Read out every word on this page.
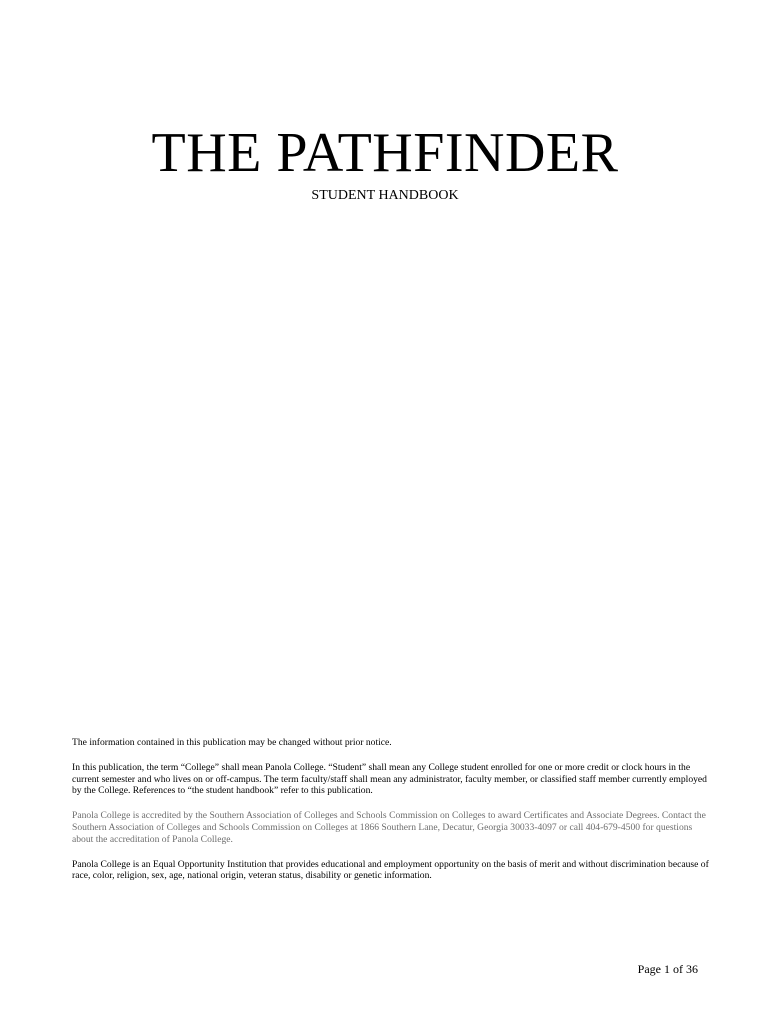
THE PATHFINDER
STUDENT HANDBOOK

The information contained in this publication may be changed without prior notice.

In this publication, the term “College” shall mean Panola College. “Student” shall mean any College student enrolled for one or more credit or clock hours in the current semester and who lives on or off-campus. The term faculty/staff shall mean any administrator, faculty member, or classified staff member currently employed by the College. References to “the student handbook” refer to this publication.

Panola College is accredited by the Southern Association of Colleges and Schools Commission on Colleges to award Certificates and Associate Degrees. Contact the Southern Association of Colleges and Schools Commission on Colleges at 1866 Southern Lane, Decatur, Georgia 30033-4097 or call 404-679-4500 for questions about the accreditation of Panola College.

Panola College is an Equal Opportunity Institution that provides educational and employment opportunity on the basis of merit and without discrimination because of race, color, religion, sex, age, national origin, veteran status, disability or genetic information.

Page 1 of 36
